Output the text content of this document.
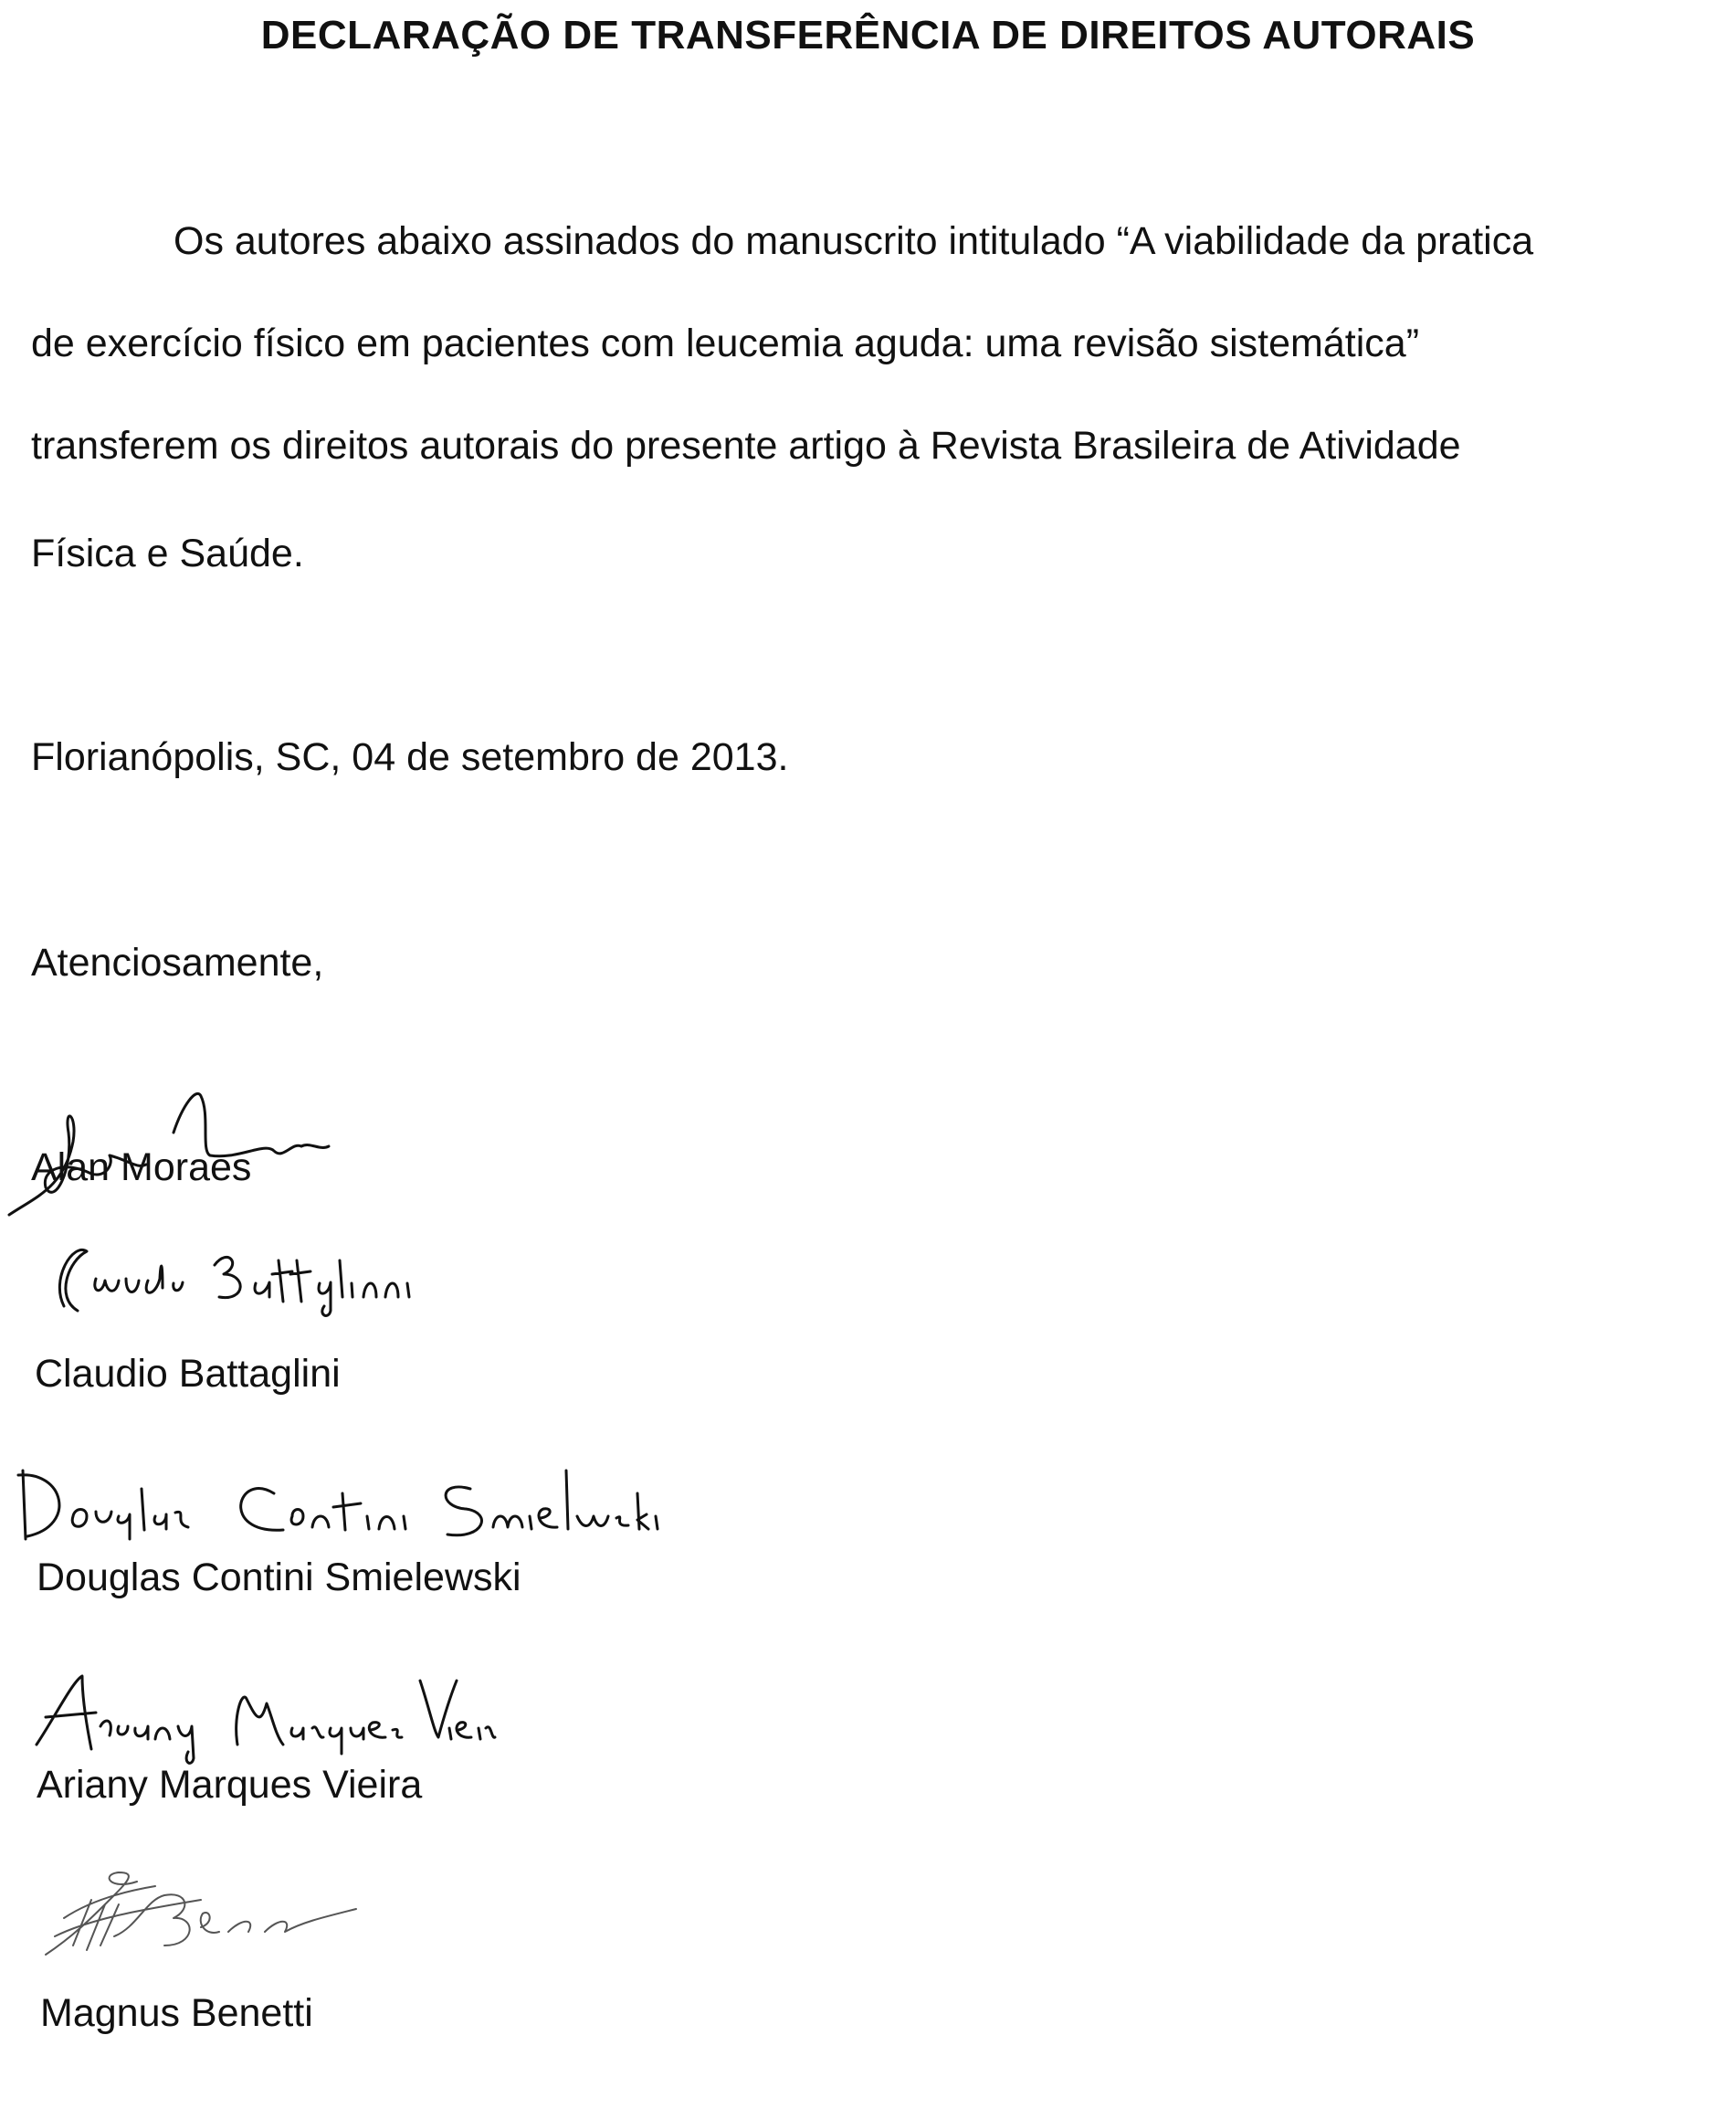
DECLARAÇÃO DE TRANSFERÊNCIA DE DIREITOS AUTORAIS
Os autores abaixo assinados do manuscrito intitulado “A viabilidade da pratica
de exercício físico em pacientes com leucemia aguda: uma revisão sistemática”
transferem os direitos autorais do presente artigo à Revista Brasileira de Atividade
Física e Saúde.
Florianópolis, SC, 04 de setembro de 2013.
Atenciosamente,
Alan Moraes
Claudio Battaglini
Douglas Contini Smielewski
Ariany Marques Vieira
Magnus Benetti
